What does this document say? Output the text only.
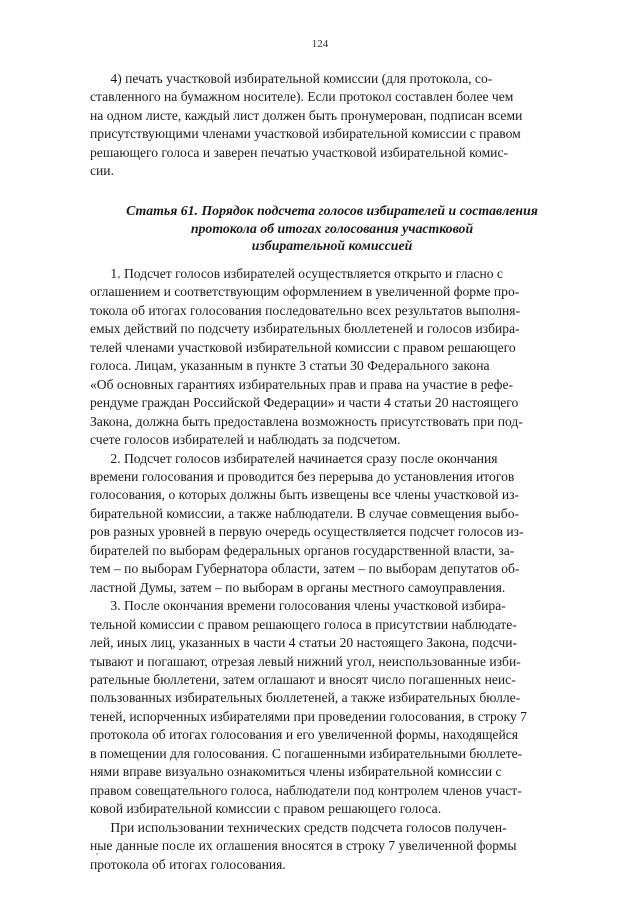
124

4) печать участковой избирательной комиссии (для протокола, со-
ставленного на бумажном носителе). Если протокол составлен более чем
на одном листе, каждый лист должен быть пронумерован, подписан всеми
присутствующими членами участковой избирательной комиссии с правом
решающего голоса и заверен печатью участковой избирательной комис-
сии.

Статья 61. Порядок подсчета голосов избирателей и составления
протокола об итогах голосования участковой
избирательной комиссией
1. Подсчет голосов избирателей осуществляется открыто и гласно с
оглашением и соответствующим оформлением в увеличенной форме про-
токола об итогах голосования последовательно всех результатов выполня-
емых действий по подсчету избирательных бюллетеней и голосов избира-
телей членами участковой избирательной комиссии с правом решающего
голоса. Лицам, указанным в пункте 3 статьи 30 Федерального закона
«Об основных гарантиях избирательных прав и права на участие в рефе-
рендуме граждан Российской Федерации» и части 4 статьи 20 настоящего
Закона, должна быть предоставлена возможность присутствовать при под-
счете голосов избирателей и наблюдать за подсчетом.
2. Подсчет голосов избирателей начинается сразу после окончания
времени голосования и проводится без перерыва до установления итогов
голосования, о которых должны быть извещены все члены участковой из-
бирательной комиссии, а также наблюдатели. В случае совмещения выбо-
ров разных уровней в первую очередь осуществляется подсчет голосов из-
бирателей по выборам федеральных органов государственной власти, за-
тем – по выборам Губернатора области, затем – по выборам депутатов об-
ластной Думы, затем – по выборам в органы местного самоуправления.
3. После окончания времени голосования члены участковой избира-
тельной комиссии с правом решающего голоса в присутствии наблюдате-
лей, иных лиц, указанных в части 4 статьи 20 настоящего Закона, подсчи-
тывают и погашают, отрезая левый нижний угол, неиспользованные изби-
рательные бюллетени, затем оглашают и вносят число погашенных неис-
пользованных избирательных бюллетеней, а также избирательных бюлле-
теней, испорченных избирателями при проведении голосования, в строку 7
протокола об итогах голосования и его увеличенной формы, находящейся
в помещении для голосования. С погашенными избирательными бюллете-
нями вправе визуально ознакомиться члены избирательной комиссии с
правом совещательного голоса, наблюдатели под контролем членов участ-
ковой избирательной комиссии с правом решающего голоса.
При использовании технических средств подсчета голосов получен-
ные данные после их оглашения вносятся в строку 7 увеличенной формы
протокола об итогах голосования.
